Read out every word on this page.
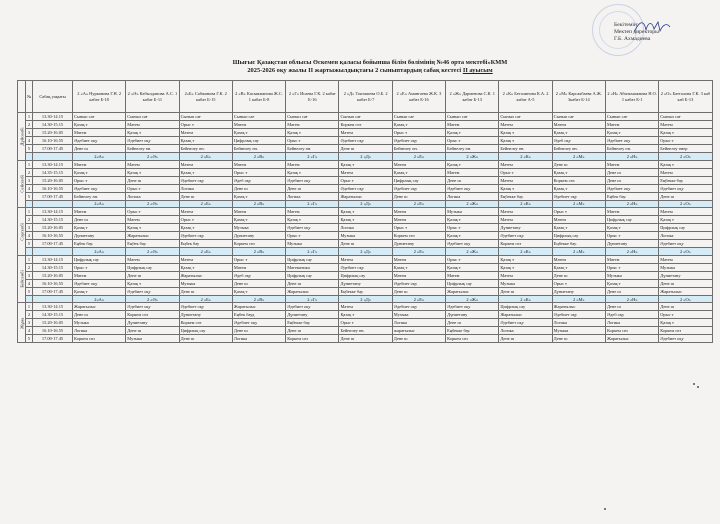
Бекітемін:
Мектеп директоры
Г.Б. Ахмадиева
Шығыс Қазақстан облысы Өскемен қаласы бойынша білім бөлімінің №46 орта мектебі»КММ
2025-2026 оқу жылы II жартыжылдықтағы 2 сыныптардың сабақ кестесі II ауысым
	№	Сабақ уақыты	2 «А» Нурканова Г.Н. 2 кабат Б-18	2 «Ә» Кабылданова А.С. 1 кабат Б-11	2«Б» Сабжанова Г.К. 2 кабат Б-15	2 «В» Касымжанова Ж.С. 1 кабат Б-8	2 «Г» Исаева Г.К. 2 кабат Б-16	2 «Д» Токташева О.Б. 2 кабат Б-7	2 «Е» Амангаева Ж.К. 3 кабат Б-16	2 «Ж» Дарменова С.К. 1 кабат Б-13	2 «К» Беталинова К.А. 2 кабат А-5	2 «М» Карсакбаева А.Ж. 3кабат Б-14	2 «Н» Абильмажнова Н.О. 1 кабат Б-1	2 «О» Батталова Г.К. 3 каб каб Б-13
Дүйсенбі	1	13.30-14.15	Сынып сағ	Сынып сағ	Сынып сағ	Сынып сағ	Сынып сағ	Сынып сағ	Сынып сағ	Сынып сағ	Сынып сағ	Сынып сағ	Сынып сағ	Сынып сағ
	2	14.30-15.15	Қазақ т	Матем	Орыс т	Матем	Матем	Коркем сөз	Қазақ т	Матем	Матем	Матем	Матем	Матем
	3	15.20-16.05	Матем	Қазақ т	Матем	Қазақ т	Қазақ т	Матем	Орыс т	Қазақ т	Қазақ т	Қазақ т	Қазақ т	Қазақ т
	4	16.10-16.55	Әдебиет оқу	Әдебиет оқу	Қазақ т	Цифрлық сау	Орыс т	Әдебиет оқу	Әдебиет оқу	Орыс т	Қазақ т	Әдеб оқу	Әдебиет оқу	Орыс т
	5	17.00-17.45	Дене ш	Бейнелеу өн.	Бейнелеу өн.	Бейнелеу өн.	Бейнелеу өн.	Дене ш	Бейнелеу өн.	Бейнелеу өн.	Бейнелеу өн.	Бейнелеу өн.	Бейнелеу өн.	Бейнелеу өнер
			2«А»	2 «Ә»	2 «Б»	2 «В»	2 «Г»	2 «Д»	2 «Е»	2 «Ж»	2 «К»	2 «М»	2 «Н»	2 «О»
Сейсенбі	1	13.30-14.15	Матем	Матем	Матем	Матем	Матем	Қазақ т	Матем	Қазақ т	Матем	Дене ш	Матем	Қазақ т
	2	14.35-15.15	Қазақ т	Қазақ т	Қазақ т	Орыс т	Қазақ т	Матем	Қазақ т	Матем	Орыс т	Қазақ т	Дене ш	Матем
	3	15.20-16.05	Орыс т	Дене ш	Әдебиет оқу	Әдеб оқу	Әдебиет оқу	Орыс т	Цифрлық сау	Дене ш	Матем	Коркем сөз	Дене ш	Еңбекке бау.
	4	16.10-16.55	Әдебиет оқу	Орыс т	Логика	Дене ш	Дене ш	Әдебиет оқу	Әдебиет оқу	Әдебиет оқу	Қазақ т	Қазақ т	Әдебиет оқу	Әдебиет оқу
	5	17.00-17.45	Бейнелеу өн.	Логика	Дене ш	Қазақ т	Логика	Жаратылыс	Дене ш	Логика	Еңбекке бау.	Әдебиет оқу	Еңбек бау.	Дене ш
			2«А»	2 «Ә»	2 «Б»	2 «В»	2 «Г»	2 «Д»	2 «Е»	2 «Ж»	2 «К»	2 «М»	2 «Н»	2 «О»
Сәрсенбі	1	13.30-14.15	Матем	Орыс т	Матем	Матем	Матем	Қазақ т	Матем	Музыка	Матем	Орыс т	Матем	Матем
	2	14.30-15.15	Дене ш	Матем	Орыс т	Қазақ т	Қазақ т	Қазақ т	Матем	Қазақ т	Матем	Матем	Цифрлық сау	Қазақ т
	3	15.20-16.05	Қазақ т	Қазақ т	Қазақ т	Музыка	Әдебиет оқу	Логика	Орыс т	Орыс т	Дүниетану	Қазақ т	Қазақ т	Цифрлық сау
	4	16.10-16.55	Дүниетану	Жаратылыс	Әдебиет оқу	Дүниетану	Орыс т	Музыка	Коркем сөз	Қазақ т	Әдебиет оқу	Цифрлық сау	Орыс т	Логика
	5	17.00-17.45	Еңбек бау.	Еңбек бау.	Еңбек бау	Коркем сөз	Музыка	Дене ш	Дүниетану	Әдебиет оқу	Коркем сөз	Еңбекке бау.	Дүниетану	Әдебиет оқу
			2«А»	2 «Ә»	2 «Б»	2 «В»	2 «Г»	2 «Д»	2 «Е»	2 «Ж»	2 «К»	2 «М»	2 «Н»	2 «О»
Бейсенбі	1	13.30-14.15	Цифрлық сау	Матем	Матем	Орыс т	Цифрлық сау	Матем	Матем	Орыс т	Қазақ т	Матем	Матем	Матем
	2	14.30-15.15	Орыс т	Цифрлық сау	Қазақ т	Матем	Математика	Әдебиет оқу	Қазақ т	Қазақ т	Қазақ т	Қазақ т	Орыс т	Музыка
	3	15.20-16.05	Матем	Дене ш	Жаратылыс	Әдеб оқу	Цифрлық сау	Цифрлық сау	Матем	Матем	Матем	Дене ш	Музыка	Дүниетану
	4	16.10-16.55	Әдебиет оқу	Қазақ т	Музыка	Дене ш	Дене ш	Дүниетану	Әдебиет оқу	Цифрлық сау	Музыка	Орыс т	Қазақ т	Дене ш
	5	17.00-17.45	Қазақ т	Әдебиет оқу	Дене ш	Қазақ т	Жаратылыс	Еңбекке бау.	Дене ш	Жаратылыс	Дене ш	Дүниетану	Дене ш	Жаратылыс
			2«А»	2 «Ә»	2 «Б»	2 «В»	2 «Г»	2 «Д»	2 «Е»	2 «Ж»	2 «К»	2 «М»	2 «Н»	2 «О»
Жұма	1	13.30-14.15	Жаратылыс	Әдебиет оқу	Әдебиет оқу	Жаратылыс	Әдебиет оқу	Матем	Әдебиет оқу	Әдебиет оқу	Цифрлық сау	Жаратылыс	Дене ш	Дене ш
	2	14.30-15.15	Дене ш	Коркем сөз	Дүниетану	Еңбек бауд	Дүниетану	Қазақ т	Музыка	Дүниетану	Жаратылыс	Әдебиет оқу	Әдеб оқу	Орыс т
	3	15.20-16.05	Музыка	Дүниетану	Коркем сөз	Әдебиет оқу	Еңбекке бау.	Орыс т	Логика	Дене ш	Әдебиет оқу	Логика	Логика	Қазақ т
	4	16.10-16.55	Логика	Дене ш	Цифрлық сау	Дене ш	Дене ш	Бейнелеу өн.	жаратылыс	Еңбекке бау.	Логика	Музыка	Коркем сөз	Коркем сөз
	5	17.00-17.45	Коркем сөз	Музыка	Дене ш	Логика	Коркем сөз	Дене ш	Дене ш	Коркем сөз	Дене ш	Дене ш	Жаратылыс	Әдебиет оқу
